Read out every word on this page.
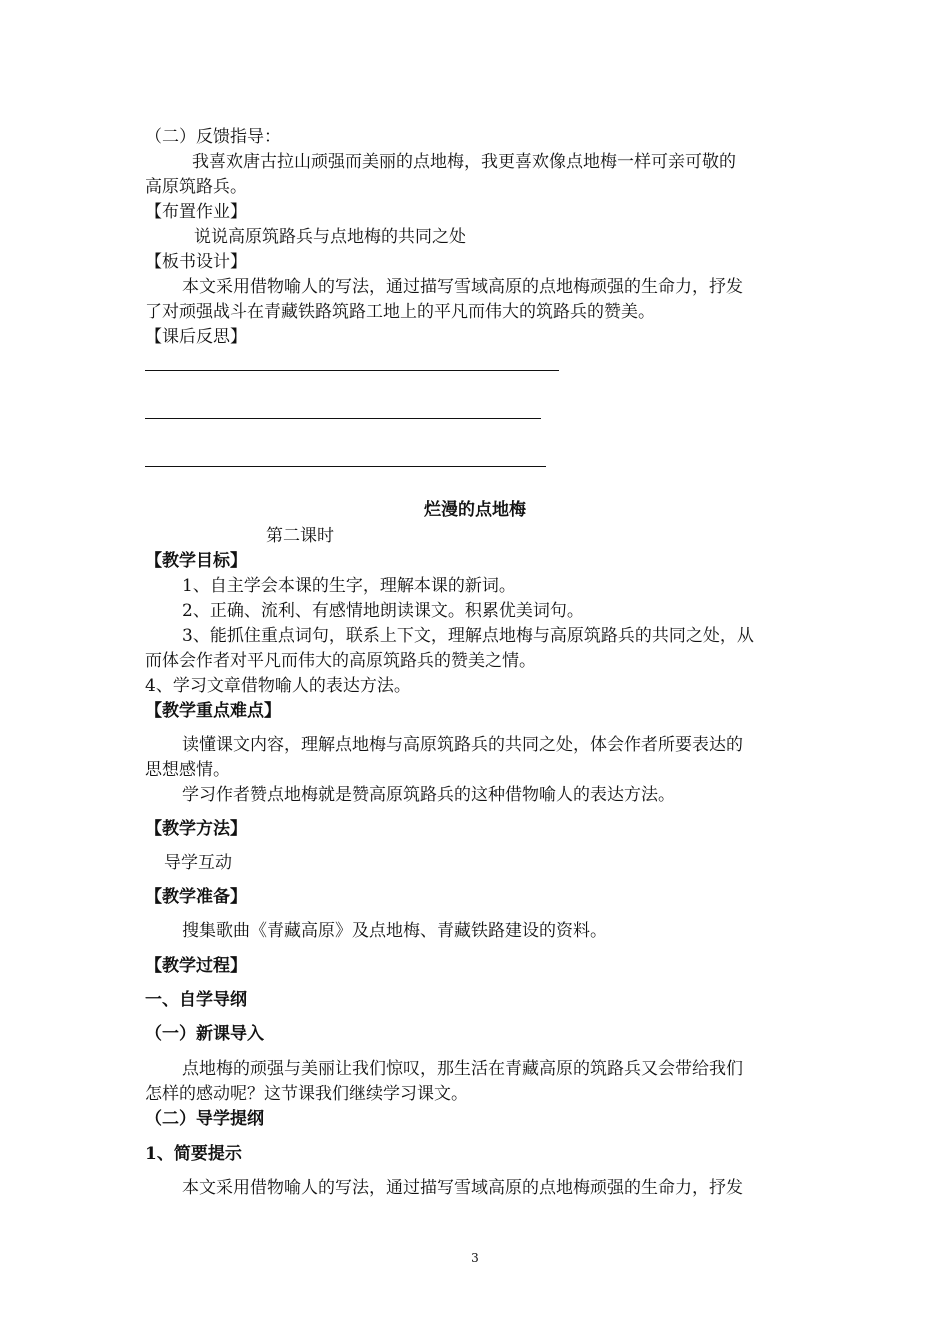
（二）反馈指导：
我喜欢唐古拉山顽强而美丽的点地梅，我更喜欢像点地梅一样可亲可敬的
高原筑路兵。
【布置作业】
说说高原筑路兵与点地梅的共同之处
【板书设计】
本文采用借物喻人的写法，通过描写雪域高原的点地梅顽强的生命力，抒发
了对顽强战斗在青藏铁路筑路工地上的平凡而伟大的筑路兵的赞美。
【课后反思】
烂漫的点地梅
第二课时
【教学目标】
1、自主学会本课的生字，理解本课的新词。
2、正确、流利、有感情地朗读课文。积累优美词句。
3、能抓住重点词句，联系上下文，理解点地梅与高原筑路兵的共同之处，从
而体会作者对平凡而伟大的高原筑路兵的赞美之情。
4、学习文章借物喻人的表达方法。
【教学重点难点】
读懂课文内容，理解点地梅与高原筑路兵的共同之处，体会作者所要表达的
思想感情。
学习作者赞点地梅就是赞高原筑路兵的这种借物喻人的表达方法。
【教学方法】
导学互动
【教学准备】
搜集歌曲《青藏高原》及点地梅、青藏铁路建设的资料。
【教学过程】
一、自学导纲
（一）新课导入
点地梅的顽强与美丽让我们惊叹，那生活在青藏高原的筑路兵又会带给我们
怎样的感动呢？这节课我们继续学习课文。
（二）导学提纲
1、简要提示
本文采用借物喻人的写法，通过描写雪域高原的点地梅顽强的生命力，抒发
3
